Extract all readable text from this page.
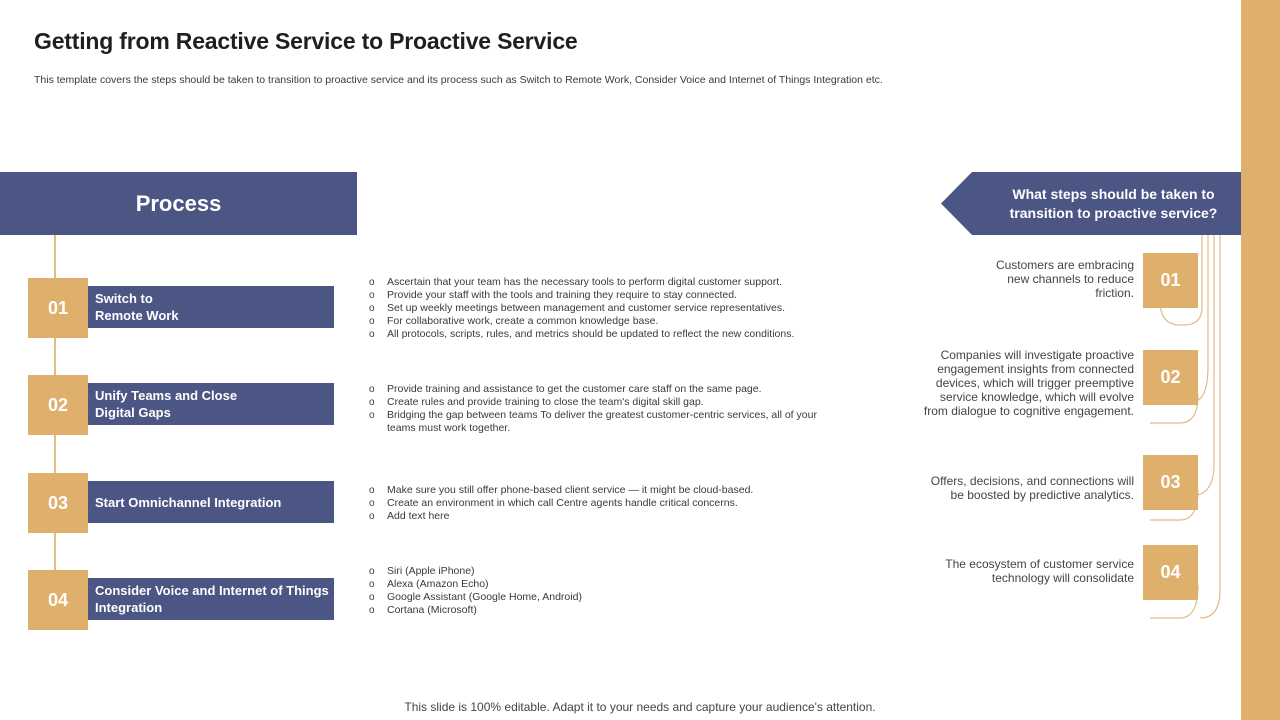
Getting from Reactive Service to Proactive Service

This template covers the steps should be taken to transition to proactive service and its process such as Switch to Remote Work, Consider Voice and Internet of Things Integration etc.

Process
01	Switch to
Remote Work
02	Unify Teams and Close
Digital Gaps
03	Start Omnichannel Integration
04	Consider Voice and Internet of Things
Integration
o Ascertain that your team has the necessary tools to perform digital customer support.
o Provide your staff with the tools and training they require to stay connected.
o Set up weekly meetings between management and customer service representatives.
o For collaborative work, create a common knowledge base.
o All protocols, scripts, rules, and metrics should be updated to reflect the new conditions.
o Provide training and assistance to get the customer care staff on the same page.
o Create rules and provide training to close the team's digital skill gap.
o Bridging the gap between teams To deliver the greatest customer-centric services, all of your teams must work together.
o Make sure you still offer phone-based client service — it might be cloud-based.
o Create an environment in which call Centre agents handle critical concerns.
o Add text here
o Siri (Apple iPhone)
o Alexa (Amazon Echo)
o Google Assistant (Google Home, Android)
o Cortana (Microsoft)
What steps should be taken to
transition to proactive service?
01
Customers are embracing
new channels to reduce
friction.
02
Companies will investigate proactive
engagement insights from connected
devices, which will trigger preemptive
service knowledge, which will evolve
from dialogue to cognitive engagement.
03
Offers, decisions, and connections will
be boosted by predictive analytics.
04
The ecosystem of customer service
technology will consolidate
This slide is 100% editable. Adapt it to your needs and capture your audience's attention.
